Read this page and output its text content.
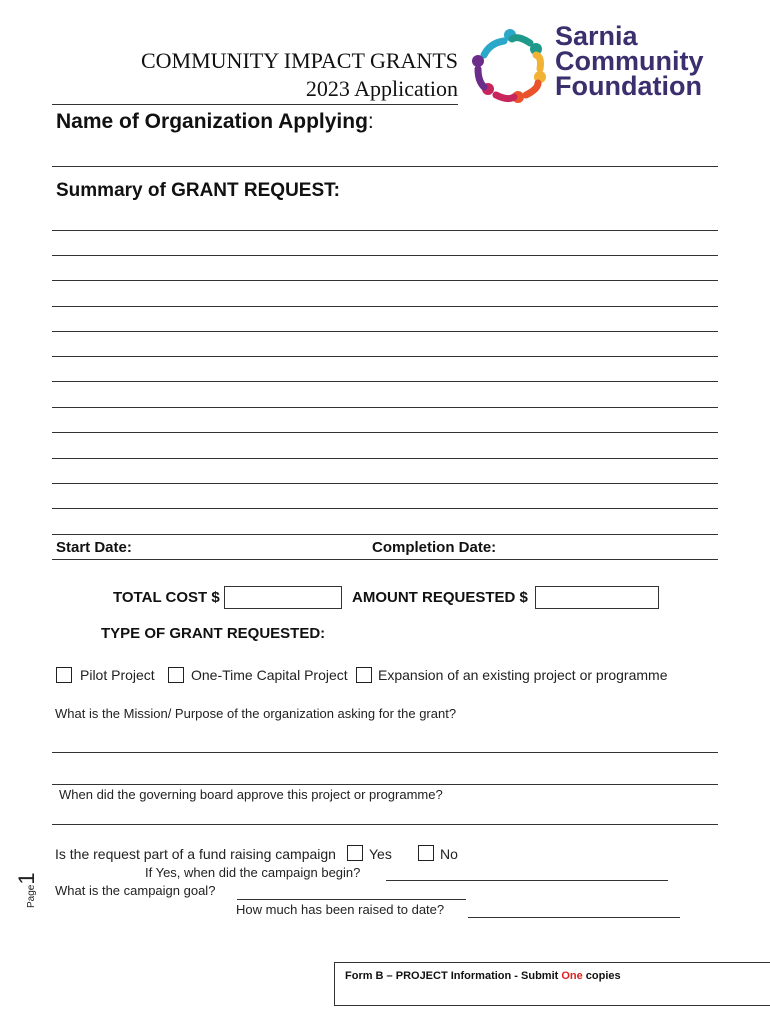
COMMUNITY IMPACT GRANTS
2023 Application
Sarnia
Community
Foundation
Name of Organization Applying:
Summary of GRANT REQUEST:
Start Date:	Completion Date:
TOTAL COST $	AMOUNT REQUESTED $
TYPE OF GRANT REQUESTED:
Pilot Project	One-Time Capital Project Expansion of an existing project or programme
What is the Mission/ Purpose of the organization asking for the grant?
When did the governing board approve this project or programme?
Is the request part of a fund raising campaign Yes	No
If Yes, when did the campaign begin?
What is the campaign goal?
How much has been raised to date?
Page1
Form B – PROJECT Information - Submit One copies
